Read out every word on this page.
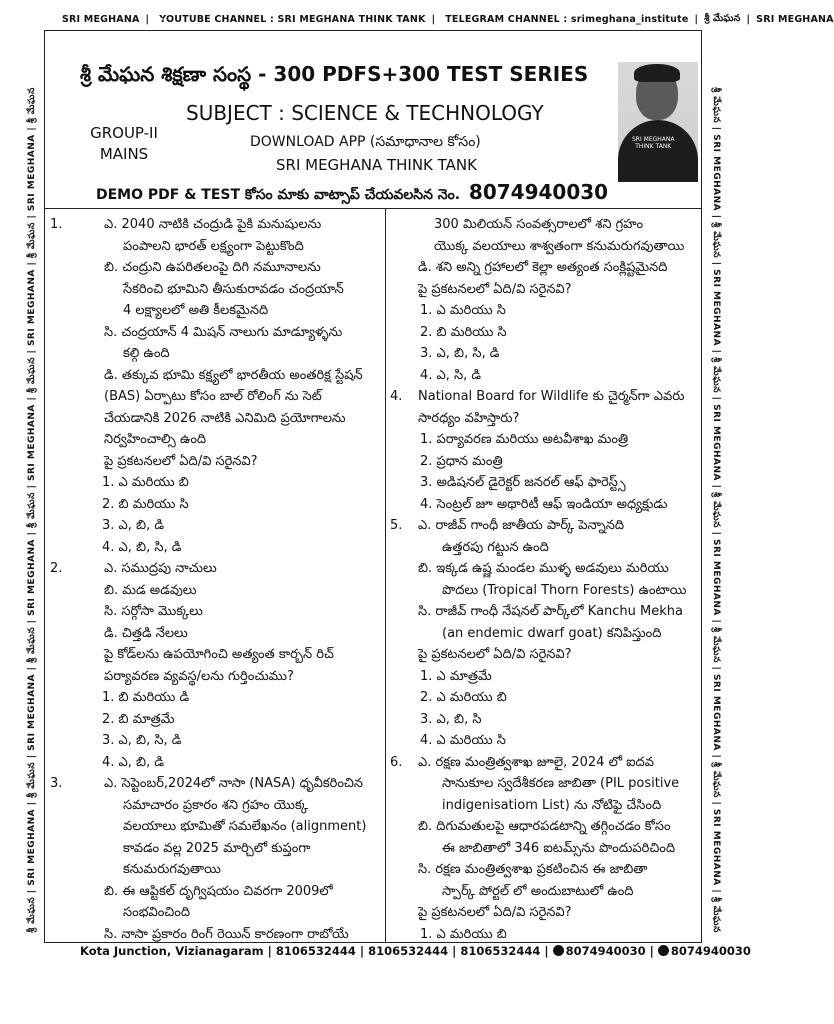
SRI MEGHANA | YOUTUBE CHANNEL : SRI MEGHANA THINK TANK | TELEGRAM CHANNEL : srimeghana_institute | శ్రీ మేఘన | SRI MEGHANA
శ్రీ మేఘన | SRI MEGHANA | శ్రీ మేఘన | SRI MEGHANA | శ్రీ మేఘన | SRI MEGHANA | శ్రీ మేఘన | SRI MEGHANA | శ్రీ మేఘన | SRI MEGHANA | శ్రీ మేఘన | SRI MEGHANA | శ్రీ మేఘన	శ్రీ మేఘన | SRI MEGHANA | శ్రీ మేఘన | SRI MEGHANA | శ్రీ మేఘన | SRI MEGHANA | శ్రీ మేఘన | SRI MEGHANA | శ్రీ మేఘన | SRI MEGHANA | శ్రీ మేఘన | SRI MEGHANA | శ్రీ మేఘన
శ్రీ మేఘన శిక్షణా సంస్థ - 300 PDFS+300 TEST SERIES
SUBJECT : SCIENCE & TECHNOLOGY
GROUP-II
MAINS
DOWNLOAD APP (సమాధానాల కోసం)
SRI MEGHANA THINK TANK
DEMO PDF & TEST కోసం మాకు వాట్సాప్ చేయవలసిన నెం. 8074940030
SRI MEGHANA
THINK TANK
1.	ఎ. 2040 నాటికి చంద్రుడి పైకి మనుషులను
పంపాలని భారత్ లక్ష్యంగా పెట్టుకొంది
బి. చంద్రుని ఉపరితలంపై దిగి నమూనాలను
సేకరించి భూమిని తీసుకురావడం చంద్రయాన్
4 లక్ష్యాలలో అతి కీలకమైనది
సి. చంద్రయాన్ 4 మిషన్ నాలుగు మాడ్యూళ్ళను
కల్గి ఉంది
డి. తక్కువ భూమి కక్ష్యలో భారతీయ అంతరిక్ష స్టేషన్
(BAS) ఏర్పాటు కోసం బాల్ రోలింగ్ ను సెట్
చేయడానికి 2026 నాటికి ఎనిమిది ప్రయోగాలను
నిర్వహించాల్సి ఉంది
పై ప్రకటనలలో ఏది/వి సరైనవి?
1. ఎ మరియు బి
2. బి మరియు సి
3. ఎ, బి, డి
4. ఎ, బి, సి, డి
2.	ఎ. సముద్రపు నాచులు
బి. మడ అడవులు
సి. సర్గోసా మొక్కలు
డి. చిత్తడి నేలలు
పై కోడ్‌లను ఉపయోగించి అత్యంత కార్బన్ రిచ్
పర్యావరణ వ్యవస్థ/లను గుర్తించుము?
1. బి మరియు డి
2. బి మాత్రమే
3. ఎ, బి, సి, డి
4. ఎ, బి, డి
3.	ఎ. సెప్టెంబర్,2024లో నాసా (NASA) ధృవీకరించిన
సమాచారం ప్రకారం శని గ్రహం యొక్క
వలయాలు భూమితో సమలేఖనం (alignment)
కావడం వల్ల 2025 మార్చిలో కుప్తంగా
కనుమరుగవుతాయి
బి. ఈ ఆప్టికల్ దృగ్విషయం చివరగా 2009లో
సంభవించింది
సి. నాసా ప్రకారం రింగ్ రెయిన్ కారణంగా రాబోయే
300 మిలియన్ సంవత్సరాలలో శని గ్రహం
యొక్క వలయాలు శాశ్వతంగా కనుమరుగవుతాయి
డి. శని అన్ని గ్రహాలలో కెల్లా అత్యంత సంక్లిష్టమైనది
పై ప్రకటనలలో ఏది/వి సరైనవి?
1. ఎ మరియు సి
2. బి మరియు సి
3. ఎ, బి, సి, డి
4. ఎ, సి, డి
4.	National Board for Wildlife కు చైర్మన్‌గా ఎవరు
సారధ్యం వహిస్తారు?
1. పర్యావరణ మరియు అటవీశాఖ మంత్రి
2. ప్రధాన మంత్రి
3. అడిషనల్ డైరెక్టర్ జనరల్ ఆఫ్ ఫారెస్ట్స్
4. సెంట్రల్ జూ అథారిటీ ఆఫ్ ఇండియా అధ్యక్షుడు
5.	ఎ. రాజీవ్ గాంధీ జాతీయ పార్క్ పెన్నానది
ఉత్తరపు గట్టున ఉంది
బి. ఇక్కడ ఉష్ణ మండల ముళ్ళ అడవులు మరియు
పొదలు (Tropical Thorn Forests) ఉంటాయి
సి. రాజీవ్ గాంధీ నేషనల్ పార్క్‌లో Kanchu Mekha
(an endemic dwarf goat) కనిపిస్తుంది
పై ప్రకటనలలో ఏది/వి సరైనవి?
1. ఎ మాత్రమే
2. ఎ మరియు బి
3. ఎ, బి, సి
4. ఎ మరియు సి
6.	ఎ. రక్షణ మంత్రిత్వశాఖ జూలై, 2024 లో ఐదవ
సానుకూల స్వదేశీకరణ జాబితా (PIL positive
indigenisatiom List) ను నోటిఫై చేసింది
బి. దిగుమతులపై ఆధారపడటాన్ని తగ్గించడం కోసం
ఈ జాబితాలో 346 ఐటమ్స్‌ను పొందుపరిచింది
సి. రక్షణ మంత్రిత్వశాఖ ప్రకటించిన ఈ జాబితా
స్పార్క్ పోర్టల్ లో అందుబాటులో ఉంది
పై ప్రకటనలలో ఏది/వి సరైనవి?
1. ఎ మరియు బి
Kota Junction, Vizianagaram | 8106532444 | 8106532444 | 8106532444 | 8074940030 | 8074940030
